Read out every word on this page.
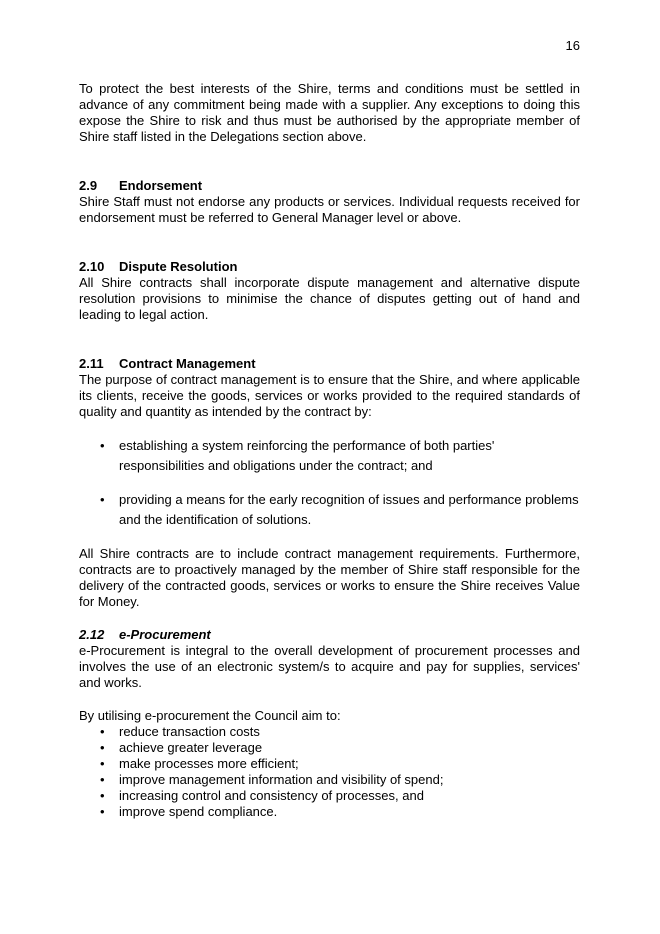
16

To protect the best interests of the Shire, terms and conditions must be settled in advance of any commitment being made with a supplier. Any exceptions to doing this expose the Shire to risk and thus must be authorised by the appropriate member of Shire staff listed in the Delegations section above.

2.9 Endorsement

Shire Staff must not endorse any products or services. Individual requests received for endorsement must be referred to General Manager level or above.

2.10 Dispute Resolution

All Shire contracts shall incorporate dispute management and alternative dispute resolution provisions to minimise the chance of disputes getting out of hand and leading to legal action.

2.11 Contract Management

The purpose of contract management is to ensure that the Shire, and where applicable its clients, receive the goods, services or works provided to the required standards of quality and quantity as intended by the contract by:

• establishing a system reinforcing the performance of both parties' responsibilities and obligations under the contract; and
• providing a means for the early recognition of issues and performance problems and the identification of solutions.

All Shire contracts are to include contract management requirements. Furthermore, contracts are to proactively managed by the member of Shire staff responsible for the delivery of the contracted goods, services or works to ensure the Shire receives Value for Money.

2.12 e-Procurement

e-Procurement is integral to the overall development of procurement processes and involves the use of an electronic system/s to acquire and pay for supplies, services' and works.

By utilising e-procurement the Council aim to:

• reduce transaction costs
• achieve greater leverage
• make processes more efficient;
• improve management information and visibility of spend;
• increasing control and consistency of processes, and
• improve spend compliance.
